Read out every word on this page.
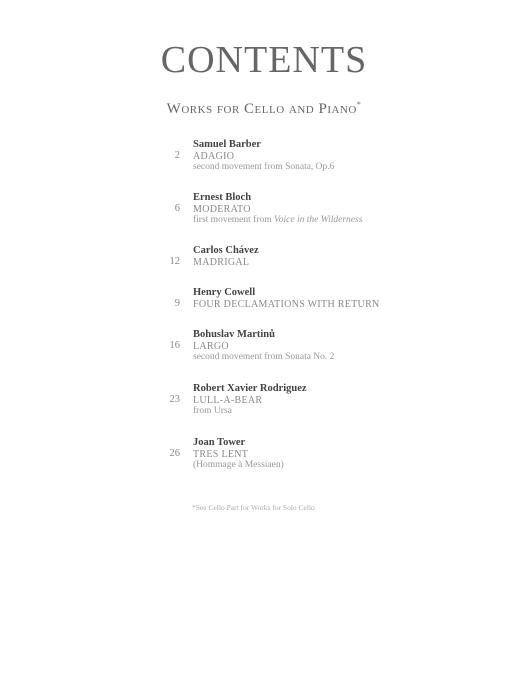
CONTENTS
Works for Cello and Piano*
2
Samuel Barber
ADAGIO
second movement from Sonata, Op.6
6
Ernest Bloch
MODERATO
first movement from Voice in the Wilderness
12
Carlos Chávez
MADRIGAL
9
Henry Cowell
FOUR DECLAMATIONS WITH RETURN
16
Bohuslav Martinů
LARGO
second movement from Sonata No. 2
23
Robert Xavier Rodriguez
LULL-A-BEAR
from Ursa
26
Joan Tower
TRES LENT
(Hommage à Messiaen)
*See Cello Part for Works for Solo Cello
